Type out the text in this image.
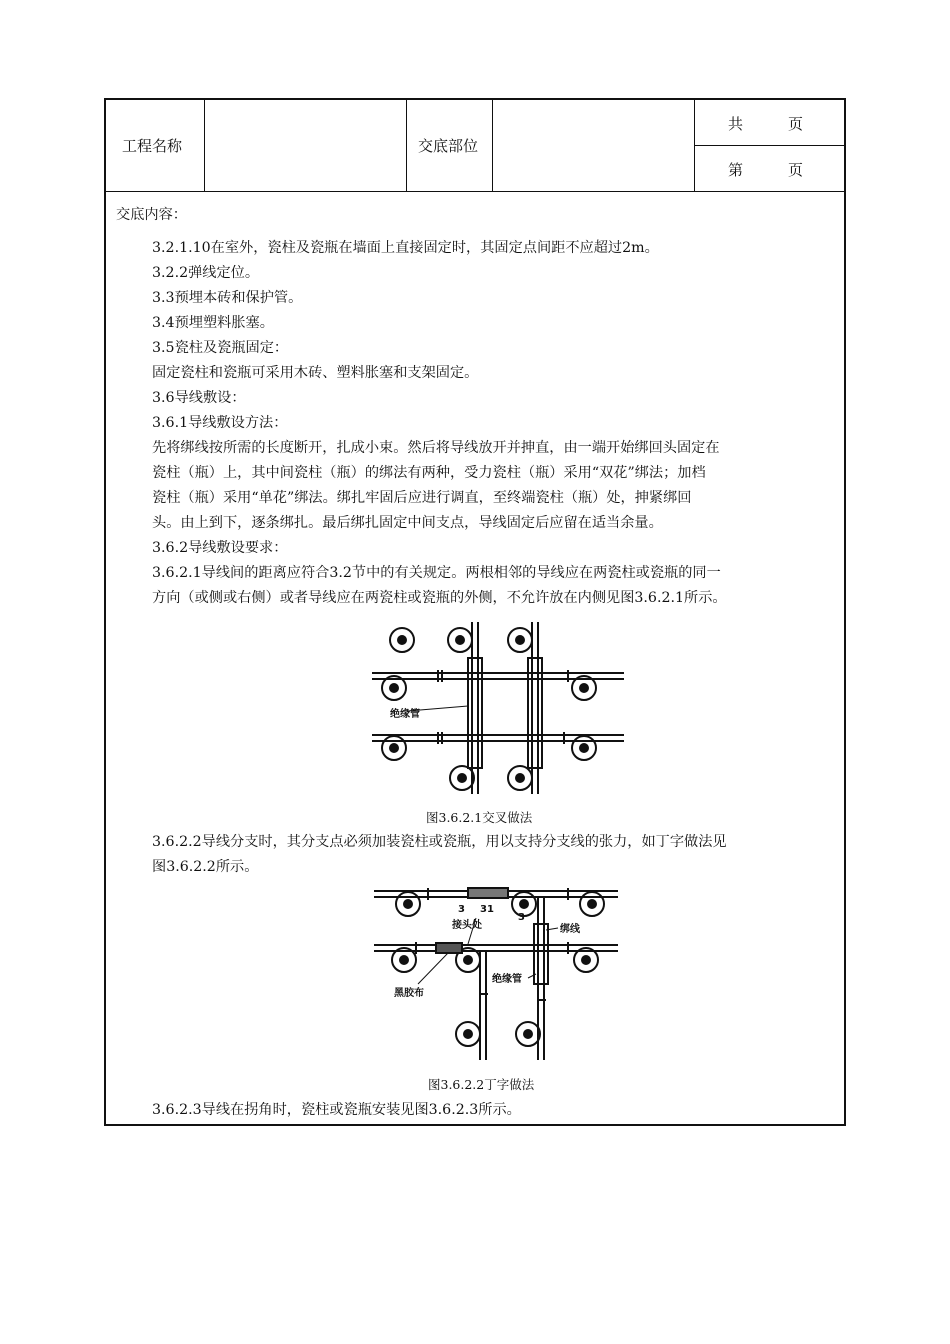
工程名称	交底部位
共　　　页
第　　　页
交底内容：
3.2.1.10在室外，瓷柱及瓷瓶在墙面上直接固定时，其固定点间距不应超过2m。
3.2.2弹线定位。
3.3预埋本砖和保护管。
3.4预埋塑料胀塞。
3.5瓷柱及瓷瓶固定：
固定瓷柱和瓷瓶可采用木砖、塑料胀塞和支架固定。
3.6导线敷设：
3.6.1导线敷设方法：
先将绑线按所需的长度断开，扎成小束。然后将导线放开并抻直，由一端开始绑回头固定在
瓷柱（瓶）上，其中间瓷柱（瓶）的绑法有两种，受力瓷柱（瓶）采用“双花”绑法；加档
瓷柱（瓶）采用“单花”绑法。绑扎牢固后应进行调直，至终端瓷柱（瓶）处，抻紧绑回
头。由上到下，逐条绑扎。最后绑扎固定中间支点，导线固定后应留在适当余量。
3.6.2导线敷设要求：
3.6.2.1导线间的距离应符合3.2节中的有关规定。两根相邻的导线应在两瓷柱或瓷瓶的同一
方向（或侧或右侧）或者导线应在两瓷柱或瓷瓶的外侧，不允许放在内侧见图3.6.2.1所示。
绝缘管
图3.6.2.1交叉做法
3.6.2.2导线分支时，其分支点必须加装瓷柱或瓷瓶，用以支持分支线的张力，如丁字做法见
图3.6.2.2所示。
3 31
3
接头处	绑线
绝缘管
黑胶布
图3.6.2.2丁字做法
3.6.2.3导线在拐角时，瓷柱或瓷瓶安装见图3.6.2.3所示。
